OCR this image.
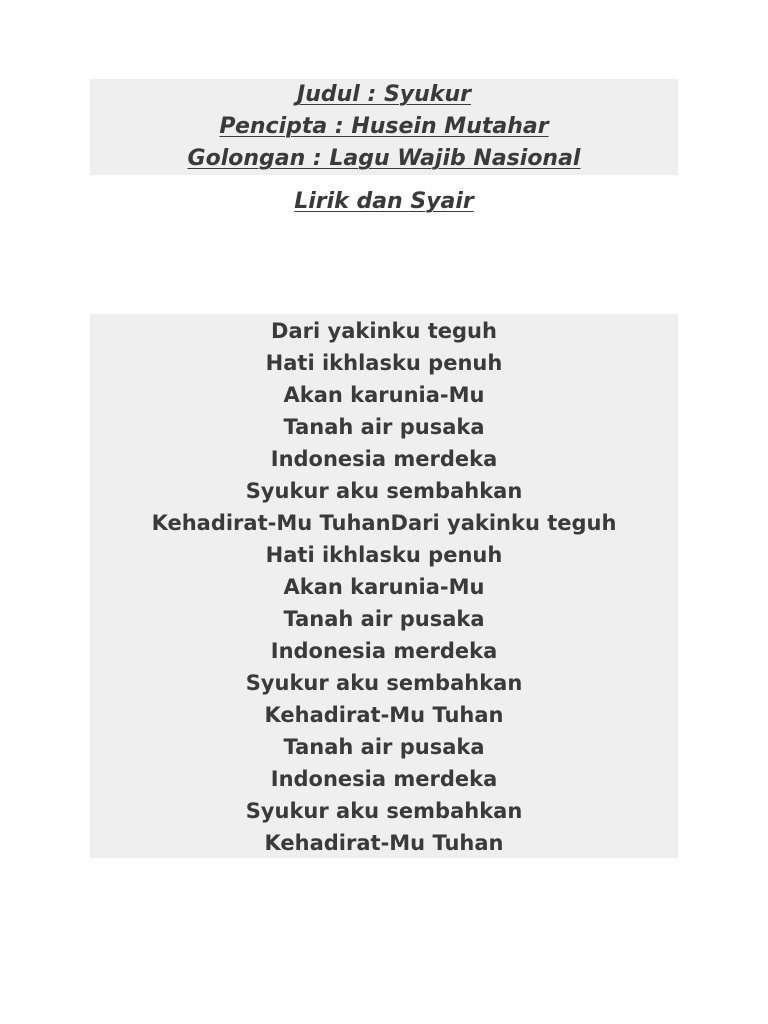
Judul : Syukur
Pencipta : Husein Mutahar
Golongan : Lagu Wajib Nasional
Lirik dan Syair
Dari yakinku teguh
Hati ikhlasku penuh
Akan karunia-Mu
Tanah air pusaka
Indonesia merdeka
Syukur aku sembahkan
Kehadirat-Mu TuhanDari yakinku teguh
Hati ikhlasku penuh
Akan karunia-Mu
Tanah air pusaka
Indonesia merdeka
Syukur aku sembahkan
Kehadirat-Mu Tuhan
Tanah air pusaka
Indonesia merdeka
Syukur aku sembahkan
Kehadirat-Mu Tuhan
